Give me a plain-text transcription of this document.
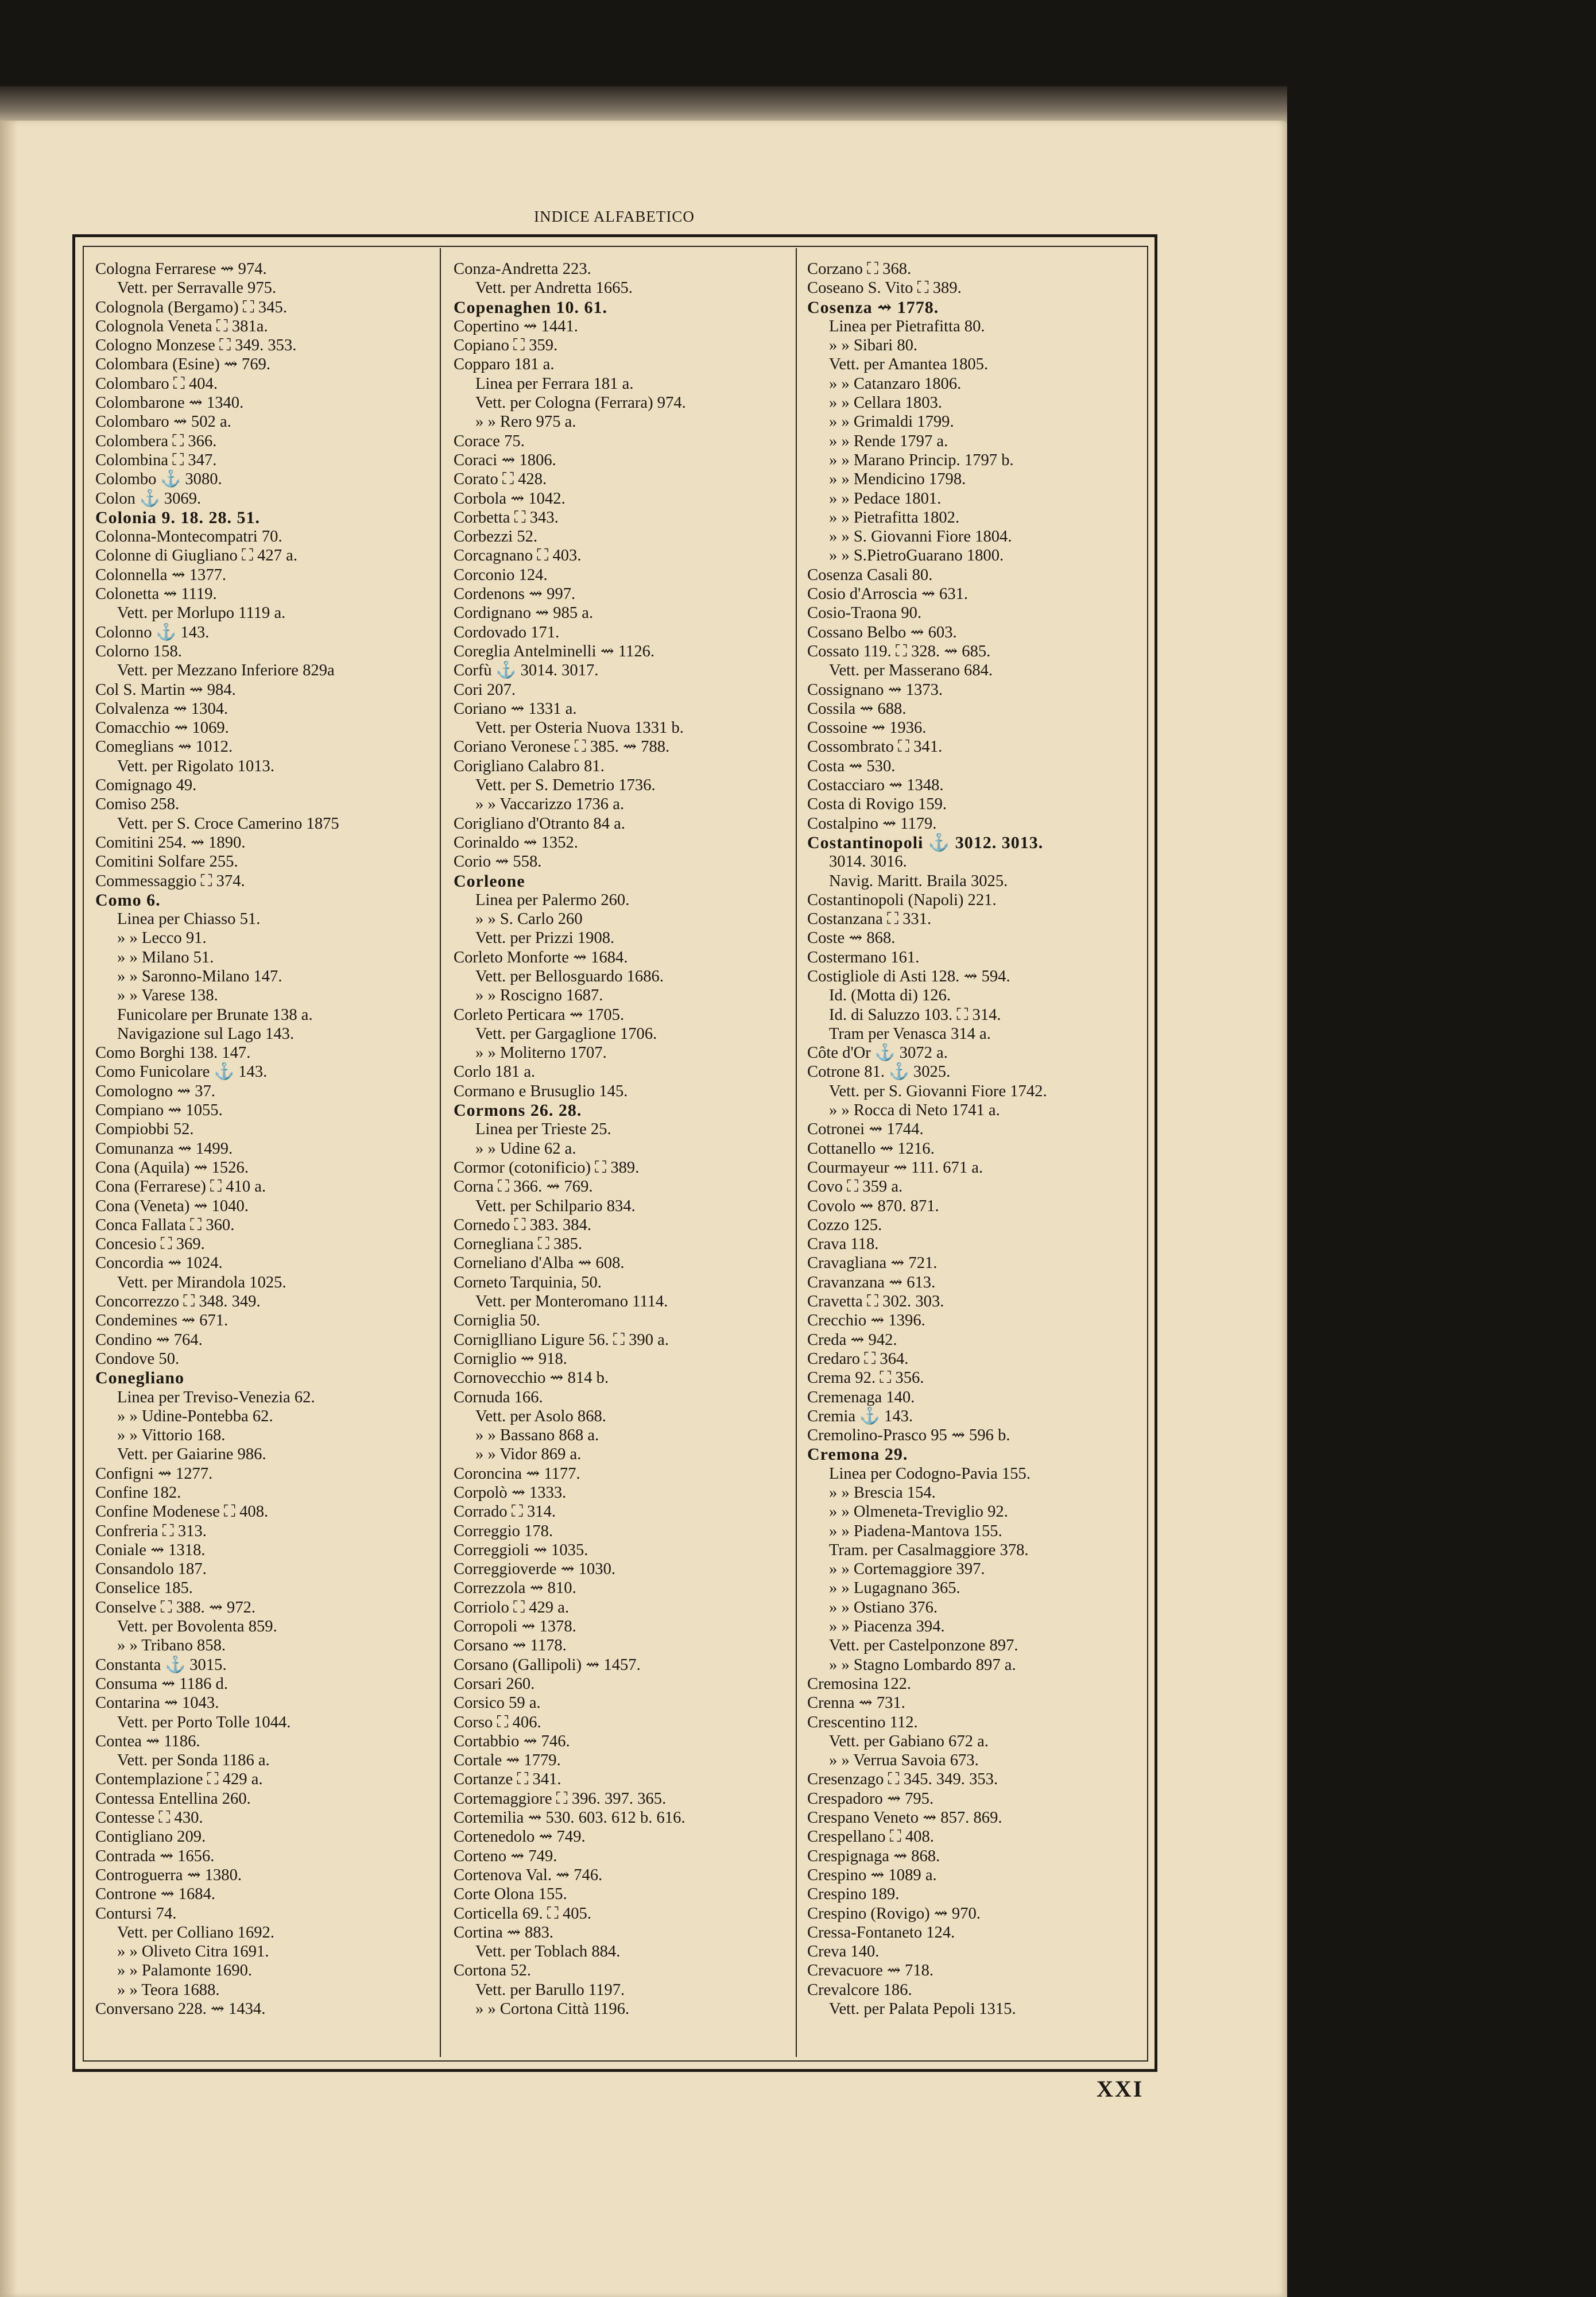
INDICE ALFABETICO
Cologna Ferrarese ⇝ 974.
Vett. per Serravalle 975.
Colognola (Bergamo) ⛶ 345.
Colognola Veneta ⛶ 381a.
Cologno Monzese ⛶ 349. 353.
Colombara (Esine) ⇝ 769.
Colombaro ⛶ 404.
Colombarone ⇝ 1340.
Colombaro ⇝ 502 a.
Colombera ⛶ 366.
Colombina ⛶ 347.
Colombo ⚓ 3080.
Colon ⚓ 3069.
Colonia 9. 18. 28. 51.
Colonna-Montecompatri 70.
Colonne di Giugliano ⛶ 427 a.
Colonnella ⇝ 1377.
Colonetta ⇝ 1119.
Vett. per Morlupo 1119 a.
Colonno ⚓ 143.
Colorno 158.
Vett. per Mezzano Inferiore 829a
Col S. Martin ⇝ 984.
Colvalenza ⇝ 1304.
Comacchio ⇝ 1069.
Comeglians ⇝ 1012.
Vett. per Rigolato 1013.
Comignago 49.
Comiso 258.
Vett. per S. Croce Camerino 1875
Comitini 254. ⇝ 1890.
Comitini Solfare 255.
Commessaggio ⛶ 374.
Como 6.
Linea per Chiasso 51.
» » Lecco 91.
» » Milano 51.
» » Saronno-Milano 147.
» » Varese 138.
Funicolare per Brunate 138 a.
Navigazione sul Lago 143.
Como Borghi 138. 147.
Como Funicolare ⚓ 143.
Comologno ⇝ 37.
Compiano ⇝ 1055.
Compiobbi 52.
Comunanza ⇝ 1499.
Cona (Aquila) ⇝ 1526.
Cona (Ferrarese) ⛶ 410 a.
Cona (Veneta) ⇝ 1040.
Conca Fallata ⛶ 360.
Concesio ⛶ 369.
Concordia ⇝ 1024.
Vett. per Mirandola 1025.
Concorrezzo ⛶ 348. 349.
Condemines ⇝ 671.
Condino ⇝ 764.
Condove 50.
Conegliano
Linea per Treviso-Venezia 62.
» » Udine-Pontebba 62.
» » Vittorio 168.
Vett. per Gaiarine 986.
Configni ⇝ 1277.
Confine 182.
Confine Modenese ⛶ 408.
Confreria ⛶ 313.
Coniale ⇝ 1318.
Consandolo 187.
Conselice 185.
Conselve ⛶ 388. ⇝ 972.
Vett. per Bovolenta 859.
» » Tribano 858.
Constanta ⚓ 3015.
Consuma ⇝ 1186 d.
Contarina ⇝ 1043.
Vett. per Porto Tolle 1044.
Contea ⇝ 1186.
Vett. per Sonda 1186 a.
Contemplazione ⛶ 429 a.
Contessa Entellina 260.
Contesse ⛶ 430.
Contigliano 209.
Contrada ⇝ 1656.
Controguerra ⇝ 1380.
Controne ⇝ 1684.
Contursi 74.
Vett. per Colliano 1692.
» » Oliveto Citra 1691.
» » Palamonte 1690.
» » Teora 1688.
Conversano 228. ⇝ 1434.
Conza-Andretta 223.
Vett. per Andretta 1665.
Copenaghen 10. 61.
Copertino ⇝ 1441.
Copiano ⛶ 359.
Copparo 181 a.
Linea per Ferrara 181 a.
Vett. per Cologna (Ferrara) 974.
» » Rero 975 a.
Corace 75.
Coraci ⇝ 1806.
Corato ⛶ 428.
Corbola ⇝ 1042.
Corbetta ⛶ 343.
Corbezzi 52.
Corcagnano ⛶ 403.
Corconio 124.
Cordenons ⇝ 997.
Cordignano ⇝ 985 a.
Cordovado 171.
Coreglia Antelminelli ⇝ 1126.
Corfù ⚓ 3014. 3017.
Cori 207.
Coriano ⇝ 1331 a.
Vett. per Osteria Nuova 1331 b.
Coriano Veronese ⛶ 385. ⇝ 788.
Corigliano Calabro 81.
Vett. per S. Demetrio 1736.
» » Vaccarizzo 1736 a.
Corigliano d'Otranto 84 a.
Corinaldo ⇝ 1352.
Corio ⇝ 558.
Corleone
Linea per Palermo 260.
» » S. Carlo 260
Vett. per Prizzi 1908.
Corleto Monforte ⇝ 1684.
Vett. per Bellosguardo 1686.
» » Roscigno 1687.
Corleto Perticara ⇝ 1705.
Vett. per Gargaglione 1706.
» » Moliterno 1707.
Corlo 181 a.
Cormano e Brusuglio 145.
Cormons 26. 28.
Linea per Trieste 25.
» » Udine 62 a.
Cormor (cotonificio) ⛶ 389.
Corna ⛶ 366. ⇝ 769.
Vett. per Schilpario 834.
Cornedo ⛶ 383. 384.
Cornegliana ⛶ 385.
Corneliano d'Alba ⇝ 608.
Corneto Tarquinia, 50.
Vett. per Monteromano 1114.
Corniglia 50.
Corniglliano Ligure 56. ⛶ 390 a.
Corniglio ⇝ 918.
Cornovecchio ⇝ 814 b.
Cornuda 166.
Vett. per Asolo 868.
» » Bassano 868 a.
» » Vidor 869 a.
Coroncina ⇝ 1177.
Corpolò ⇝ 1333.
Corrado ⛶ 314.
Correggio 178.
Correggioli ⇝ 1035.
Correggioverde ⇝ 1030.
Correzzola ⇝ 810.
Corriolo ⛶ 429 a.
Corropoli ⇝ 1378.
Corsano ⇝ 1178.
Corsano (Gallipoli) ⇝ 1457.
Corsari 260.
Corsico 59 a.
Corso ⛶ 406.
Cortabbio ⇝ 746.
Cortale ⇝ 1779.
Cortanze ⛶ 341.
Cortemaggiore ⛶ 396. 397. 365.
Cortemilia ⇝ 530. 603. 612 b. 616.
Cortenedolo ⇝ 749.
Corteno ⇝ 749.
Cortenova Val. ⇝ 746.
Corte Olona 155.
Corticella 69. ⛶ 405.
Cortina ⇝ 883.
Vett. per Toblach 884.
Cortona 52.
Vett. per Barullo 1197.
» » Cortona Città 1196.
Corzano ⛶ 368.
Coseano S. Vito ⛶ 389.
Cosenza ⇝ 1778.
Linea per Pietrafitta 80.
» » Sibari 80.
Vett. per Amantea 1805.
» » Catanzaro 1806.
» » Cellara 1803.
» » Grimaldi 1799.
» » Rende 1797 a.
» » Marano Princip. 1797 b.
» » Mendicino 1798.
» » Pedace 1801.
» » Pietrafitta 1802.
» » S. Giovanni Fiore 1804.
» » S.PietroGuarano 1800.
Cosenza Casali 80.
Cosio d'Arroscia ⇝ 631.
Cosio-Traona 90.
Cossano Belbo ⇝ 603.
Cossato 119. ⛶ 328. ⇝ 685.
Vett. per Masserano 684.
Cossignano ⇝ 1373.
Cossila ⇝ 688.
Cossoine ⇝ 1936.
Cossombrato ⛶ 341.
Costa ⇝ 530.
Costacciaro ⇝ 1348.
Costa di Rovigo 159.
Costalpino ⇝ 1179.
Costantinopoli ⚓ 3012. 3013.
3014. 3016.
Navig. Maritt. Braila 3025.
Costantinopoli (Napoli) 221.
Costanzana ⛶ 331.
Coste ⇝ 868.
Costermano 161.
Costigliole di Asti 128. ⇝ 594.
Id. (Motta di) 126.
Id. di Saluzzo 103. ⛶ 314.
Tram per Venasca 314 a.
Côte d'Or ⚓ 3072 a.
Cotrone 81. ⚓ 3025.
Vett. per S. Giovanni Fiore 1742.
» » Rocca di Neto 1741 a.
Cotronei ⇝ 1744.
Cottanello ⇝ 1216.
Courmayeur ⇝ 111. 671 a.
Covo ⛶ 359 a.
Covolo ⇝ 870. 871.
Cozzo 125.
Crava 118.
Cravagliana ⇝ 721.
Cravanzana ⇝ 613.
Cravetta ⛶ 302. 303.
Crecchio ⇝ 1396.
Creda ⇝ 942.
Credaro ⛶ 364.
Crema 92. ⛶ 356.
Cremenaga 140.
Cremia ⚓ 143.
Cremolino-Prasco 95 ⇝ 596 b.
Cremona 29.
Linea per Codogno-Pavia 155.
» » Brescia 154.
» » Olmeneta-Treviglio 92.
» » Piadena-Mantova 155.
Tram. per Casalmaggiore 378.
» » Cortemaggiore 397.
» » Lugagnano 365.
» » Ostiano 376.
» » Piacenza 394.
Vett. per Castelponzone 897.
» » Stagno Lombardo 897 a.
Cremosina 122.
Crenna ⇝ 731.
Crescentino 112.
Vett. per Gabiano 672 a.
» » Verrua Savoia 673.
Cresenzago ⛶ 345. 349. 353.
Crespadoro ⇝ 795.
Crespano Veneto ⇝ 857. 869.
Crespellano ⛶ 408.
Crespignaga ⇝ 868.
Crespino ⇝ 1089 a.
Crespino 189.
Crespino (Rovigo) ⇝ 970.
Cressa-Fontaneto 124.
Creva 140.
Crevacuore ⇝ 718.
Crevalcore 186.
Vett. per Palata Pepoli 1315.
XXI
